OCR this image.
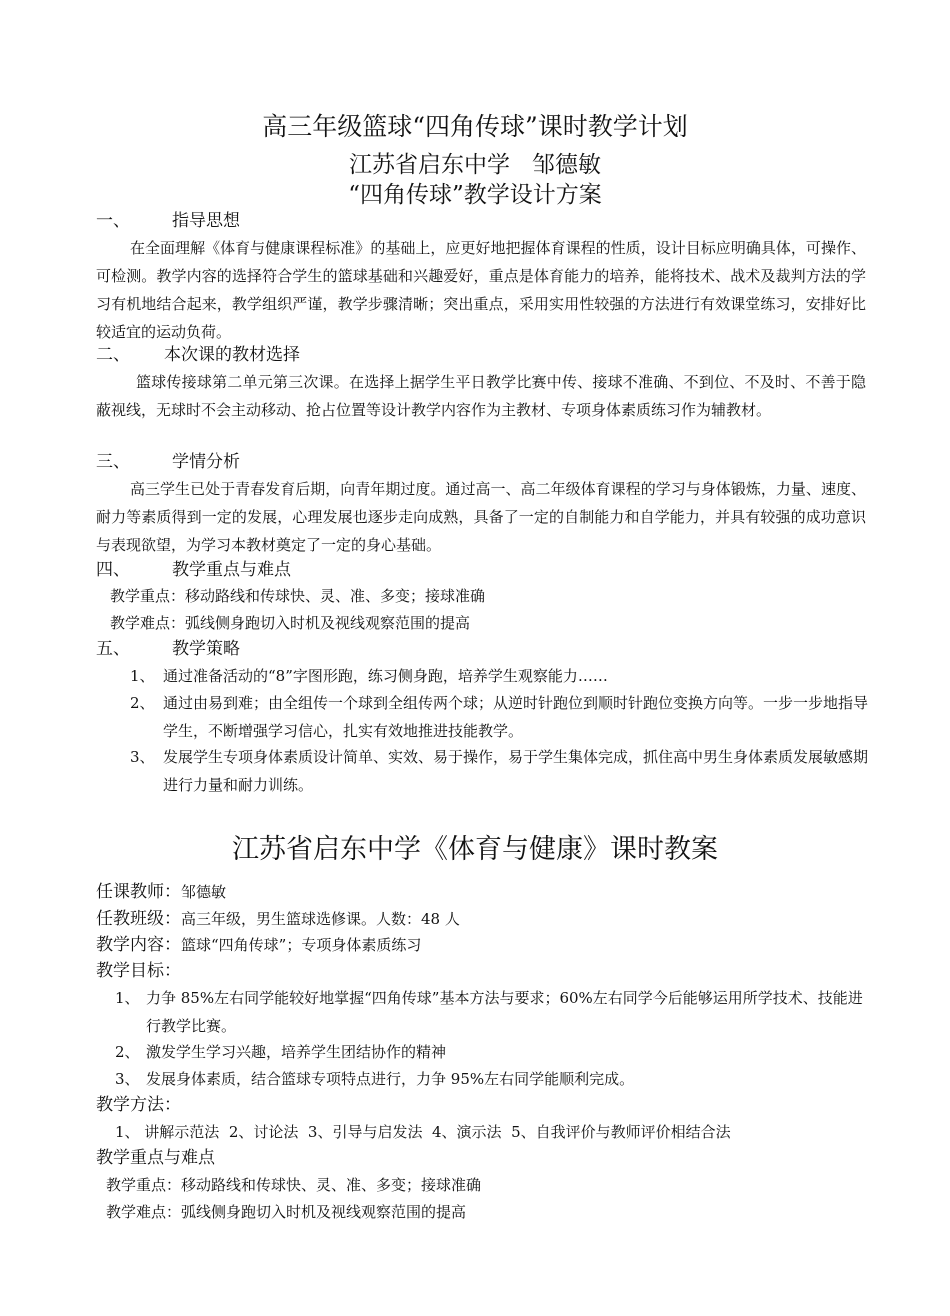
高三年级篮球“四角传球”课时教学计划
江苏省启东中学   邹德敏
“四角传球”教学设计方案
一、 指导思想
在全面理解《体育与健康课程标准》的基础上，应更好地把握体育课程的性质，设计目标应明确具体，可操作、可检测。教学内容的选择符合学生的篮球基础和兴趣爱好，重点是体育能力的培养，能将技术、战术及裁判方法的学习有机地结合起来，教学组织严谨，教学步骤清晰；突出重点，采用实用性较强的方法进行有效课堂练习，安排好比较适宜的运动负荷。
二、 本次课的教材选择
篮球传接球第二单元第三次课。在选择上据学生平日教学比赛中传、接球不准确、不到位、不及时、不善于隐蔽视线，无球时不会主动移动、抢占位置等设计教学内容作为主教材、专项身体素质练习作为辅教材。
三、 学情分析
高三学生已处于青春发育后期，向青年期过度。通过高一、高二年级体育课程的学习与身体锻炼，力量、速度、耐力等素质得到一定的发展，心理发展也逐步走向成熟，具备了一定的自制能力和自学能力，并具有较强的成功意识与表现欲望，为学习本教材奠定了一定的身心基础。
四、 教学重点与难点
教学重点：移动路线和传球快、灵、准、多变；接球准确
教学难点：弧线侧身跑切入时机及视线观察范围的提高
五、 教学策略
1、 通过准备活动的“8”字图形跑，练习侧身跑，培养学生观察能力……
2、 通过由易到难；由全组传一个球到全组传两个球；从逆时针跑位到顺时针跑位变换方向等。一步一步地指导学生，不断增强学习信心，扎实有效地推进技能教学。
3、 发展学生专项身体素质设计简单、实效、易于操作，易于学生集体完成，抓住高中男生身体素质发展敏感期进行力量和耐力训练。
江苏省启东中学《体育与健康》课时教案
任课教师：邹德敏
任教班级：高三年级，男生篮球选修课。人数：48 人
教学内容：篮球“四角传球”；专项身体素质练习
教学目标：
1、 力争 85%左右同学能较好地掌握“四角传球”基本方法与要求；60%左右同学今后能够运用所学技术、技能进行教学比赛。
2、 激发学生学习兴趣，培养学生团结协作的精神
3、 发展身体素质，结合篮球专项特点进行，力争 95%左右同学能顺利完成。
教学方法：
1、 讲解示范法  2、讨论法  3、引导与启发法  4、演示法  5、自我评价与教师评价相结合法
教学重点与难点
教学重点：移动路线和传球快、灵、准、多变；接球准确
教学难点：弧线侧身跑切入时机及视线观察范围的提高
